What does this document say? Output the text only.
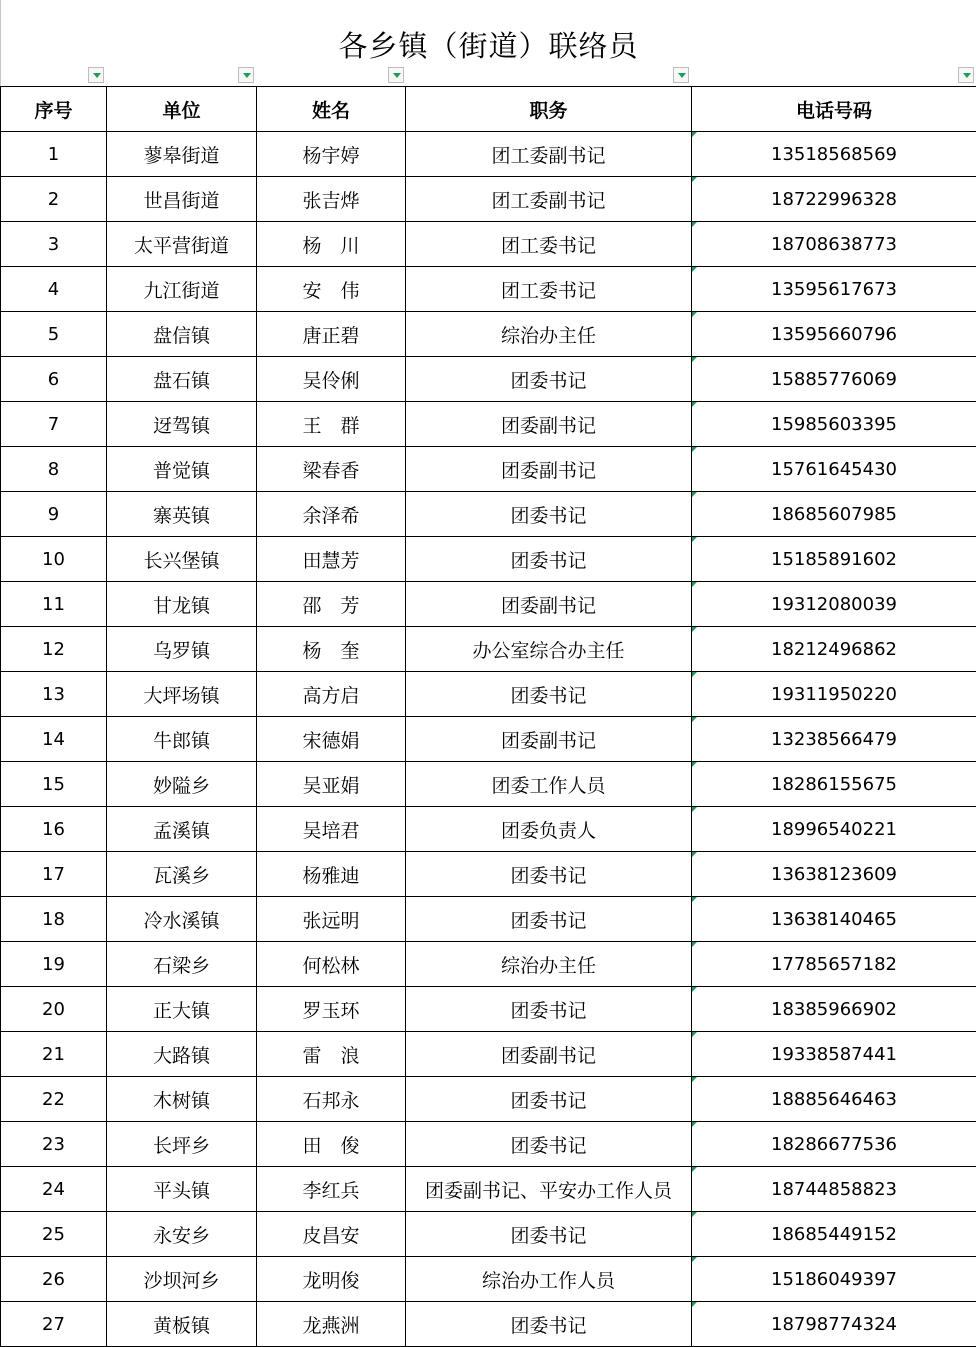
各乡镇（街道）联络员
序号	单位	姓名	职务	电话号码
1	蓼皋街道	杨宇婷	团工委副书记	13518568569
2	世昌街道	张吉烨	团工委副书记	18722996328
3	太平营街道	杨　川	团工委书记	18708638773
4	九江街道	安　伟	团工委书记	13595617673
5	盘信镇	唐正碧	综治办主任	13595660796
6	盘石镇	吴伶俐	团委书记	15885776069
7	迓驾镇	王　群	团委副书记	15985603395
8	普觉镇	梁春香	团委副书记	15761645430
9	寨英镇	余泽希	团委书记	18685607985
10	长兴堡镇	田慧芳	团委书记	15185891602
11	甘龙镇	邵　芳	团委副书记	19312080039
12	乌罗镇	杨　奎	办公室综合办主任	18212496862
13	大坪场镇	高方启	团委书记	19311950220
14	牛郎镇	宋德娟	团委副书记	13238566479
15	妙隘乡	吴亚娟	团委工作人员	18286155675
16	孟溪镇	吴培君	团委负责人	18996540221
17	瓦溪乡	杨雅迪	团委书记	13638123609
18	冷水溪镇	张远明	团委书记	13638140465
19	石梁乡	何松林	综治办主任	17785657182
20	正大镇	罗玉环	团委书记	18385966902
21	大路镇	雷　浪	团委副书记	19338587441
22	木树镇	石邦永	团委书记	18885646463
23	长坪乡	田　俊	团委书记	18286677536
24	平头镇	李红兵	团委副书记、平安办工作人员	18744858823
25	永安乡	皮昌安	团委书记	18685449152
26	沙坝河乡	龙明俊	综治办工作人员	15186049397
27	黄板镇	龙燕洲	团委书记	18798774324
